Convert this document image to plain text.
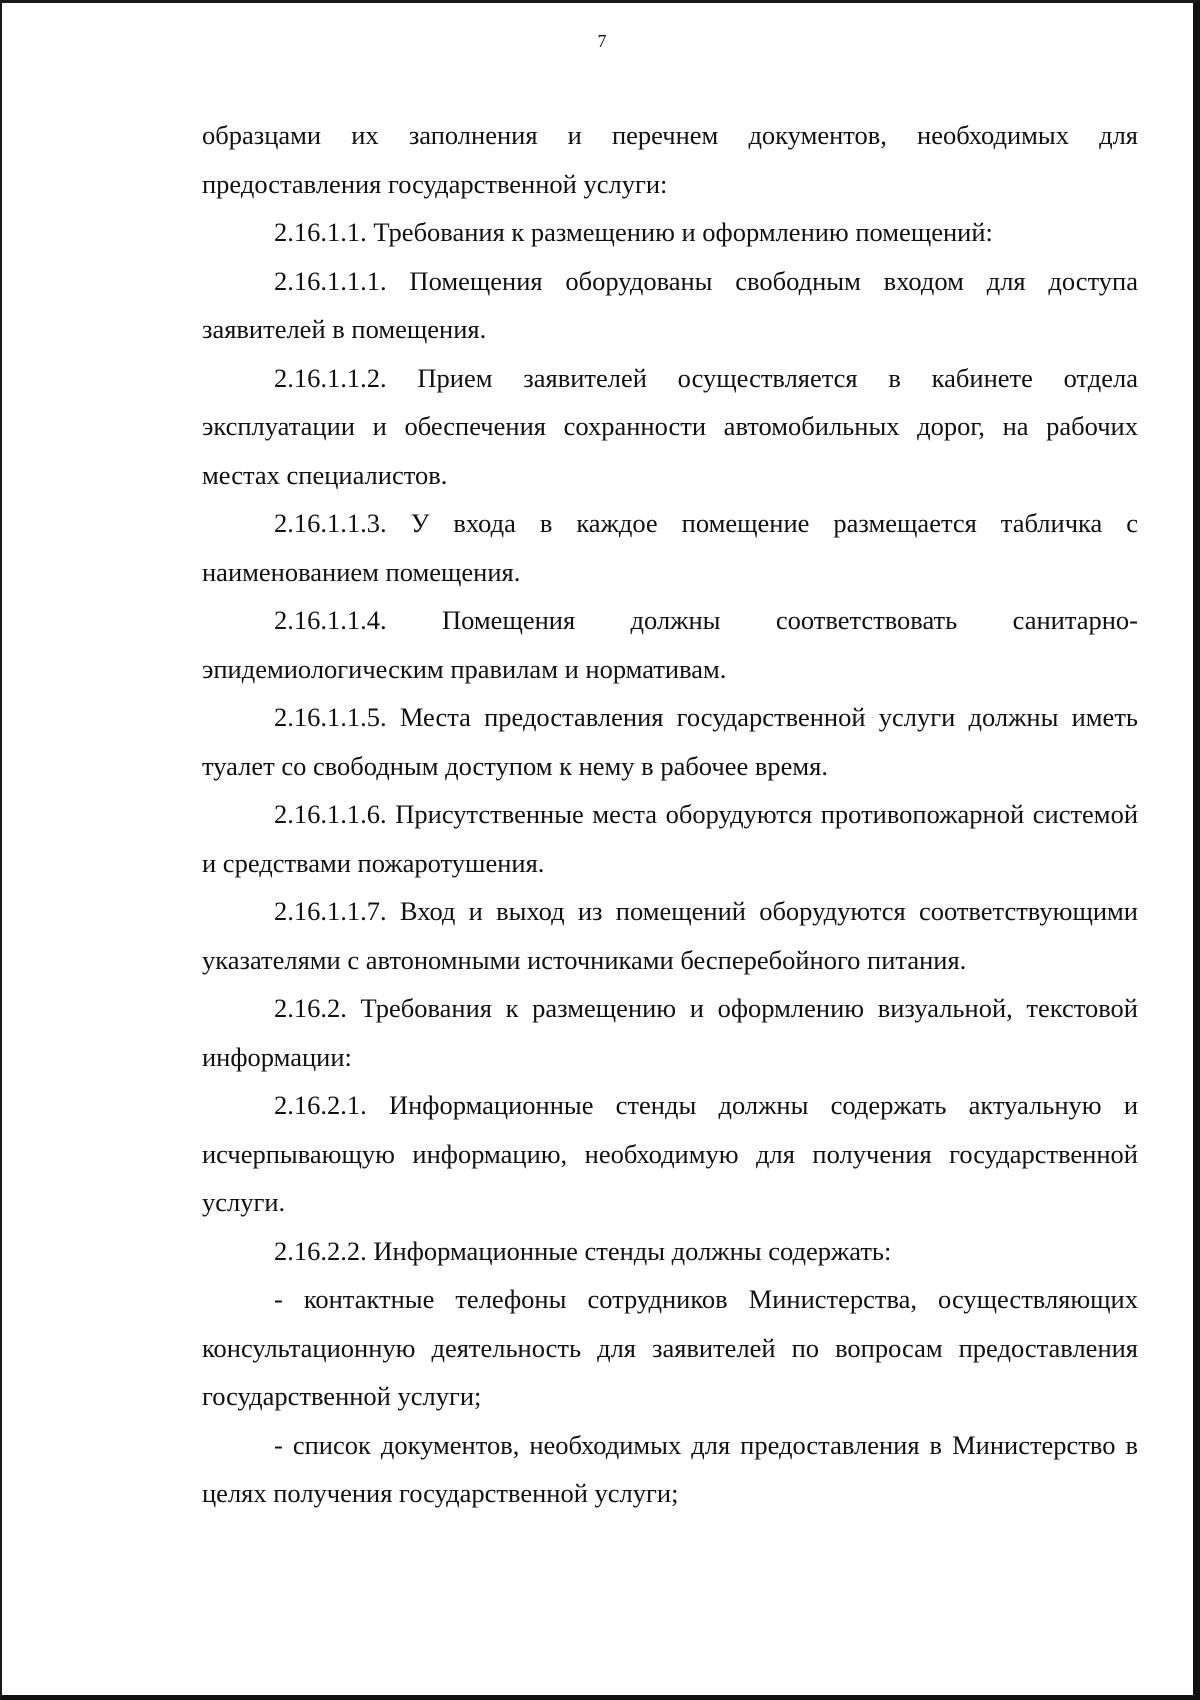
7

образцами их заполнения и перечнем документов, необходимых для предоставления государственной услуги:

2.16.1.1. Требования к размещению и оформлению помещений:

2.16.1.1.1. Помещения оборудованы свободным входом для доступа заявителей в помещения.

2.16.1.1.2. Прием заявителей осуществляется в кабинете отдела эксплуатации и обеспечения сохранности автомобильных дорог, на рабочих местах специалистов.

2.16.1.1.3. У входа в каждое помещение размещается табличка с наименованием помещения.

2.16.1.1.4. Помещения должны соответствовать санитарно-эпидемиологическим правилам и нормативам.

2.16.1.1.5. Места предоставления государственной услуги должны иметь туалет со свободным доступом к нему в рабочее время.

2.16.1.1.6. Присутственные места оборудуются противопожарной системой и средствами пожаротушения.

2.16.1.1.7. Вход и выход из помещений оборудуются соответствующими указателями с автономными источниками бесперебойного питания.

2.16.2. Требования к размещению и оформлению визуальной, текстовой информации:

2.16.2.1. Информационные стенды должны содержать актуальную и исчерпывающую информацию, необходимую для получения государственной услуги.

2.16.2.2. Информационные стенды должны содержать:

- контактные телефоны сотрудников Министерства, осуществляющих консультационную деятельность для заявителей по вопросам предоставления государственной услуги;

- список документов, необходимых для предоставления в Министерство в целях получения государственной услуги;
